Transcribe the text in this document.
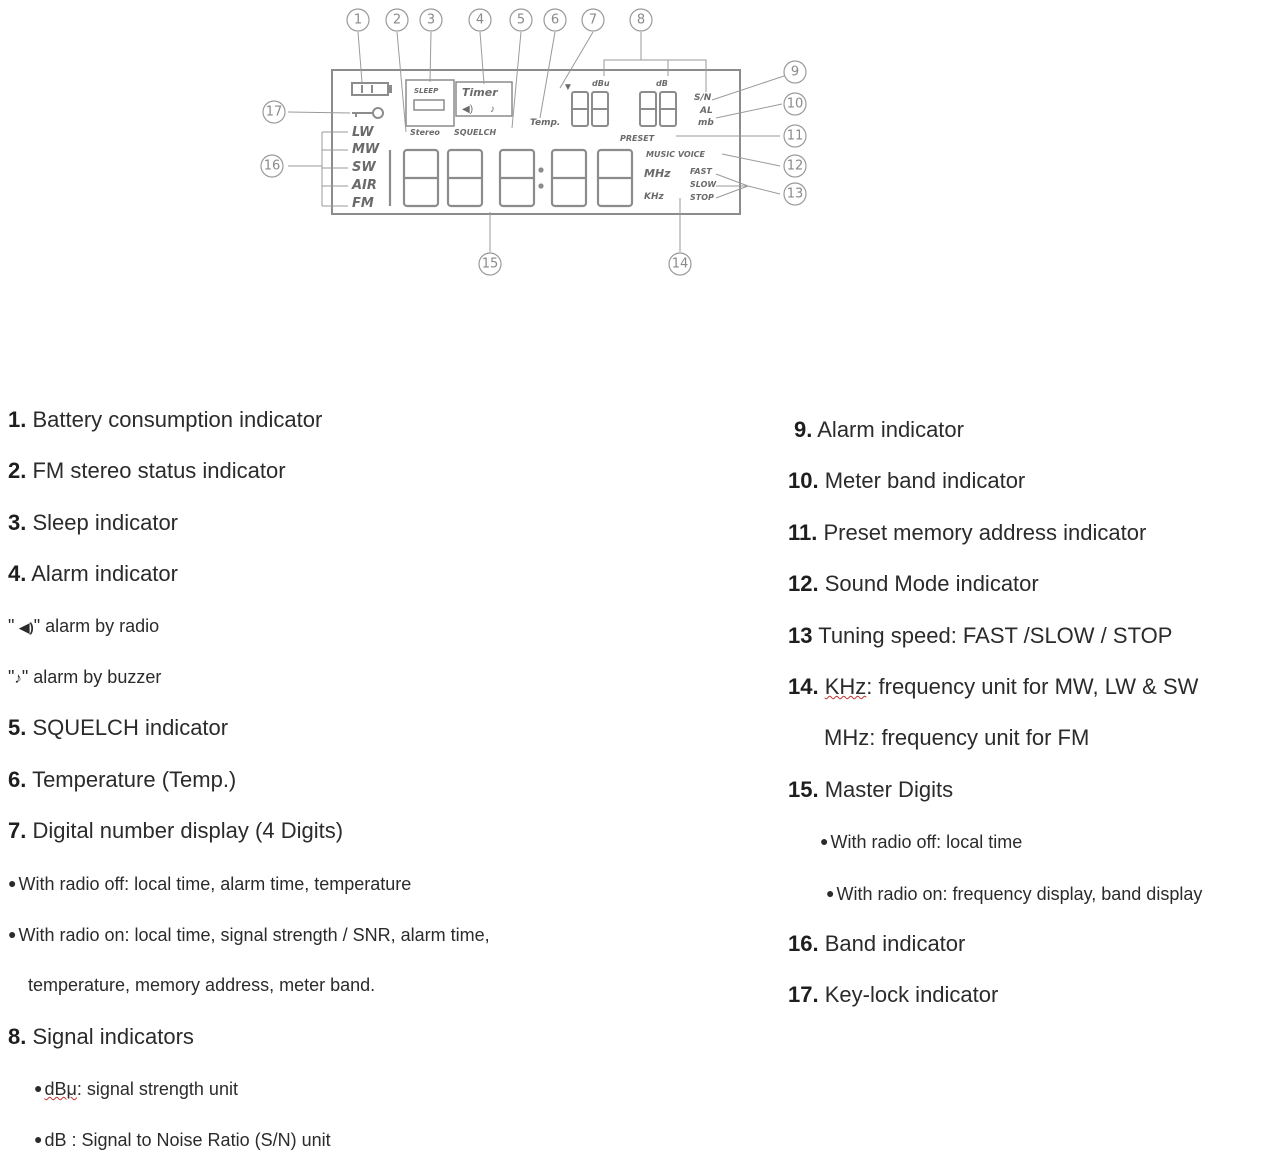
LW
MW
SW
AIR
FM
SLEEP Timer
◀) ♪
Stereo SQUELCH
Temp.
▼ dBu	dB
S/N
AL
mb
PRESET
MUSIC VOICE
MHz
KHz
FAST
SLOW
STOP
1 2 3	4	5 6 7	8
9
10
11
12
13
14
15
16
17
1. Battery consumption indicator
2. FM stereo status indicator
3. Sleep indicator
4. Alarm indicator
" ◀)" alarm by radio
"♪" alarm by buzzer
5. SQUELCH indicator
6. Temperature (Temp.)
7. Digital number display (4 Digits)
● With radio off: local time, alarm time, temperature
● With radio on: local time, signal strength / SNR, alarm time,
temperature, memory address, meter band.
8. Signal indicators
● dBμ: signal strength unit
● dB : Signal to Noise Ratio (S/N) unit
9. Alarm indicator
10. Meter band indicator
11. Preset memory address indicator
12. Sound Mode indicator
13 Tuning speed: FAST /SLOW / STOP
14. KHz: frequency unit for MW, LW & SW
MHz: frequency unit for FM
15. Master Digits
● With radio off: local time
● With radio on: frequency display, band display
16. Band indicator
17. Key-lock indicator
